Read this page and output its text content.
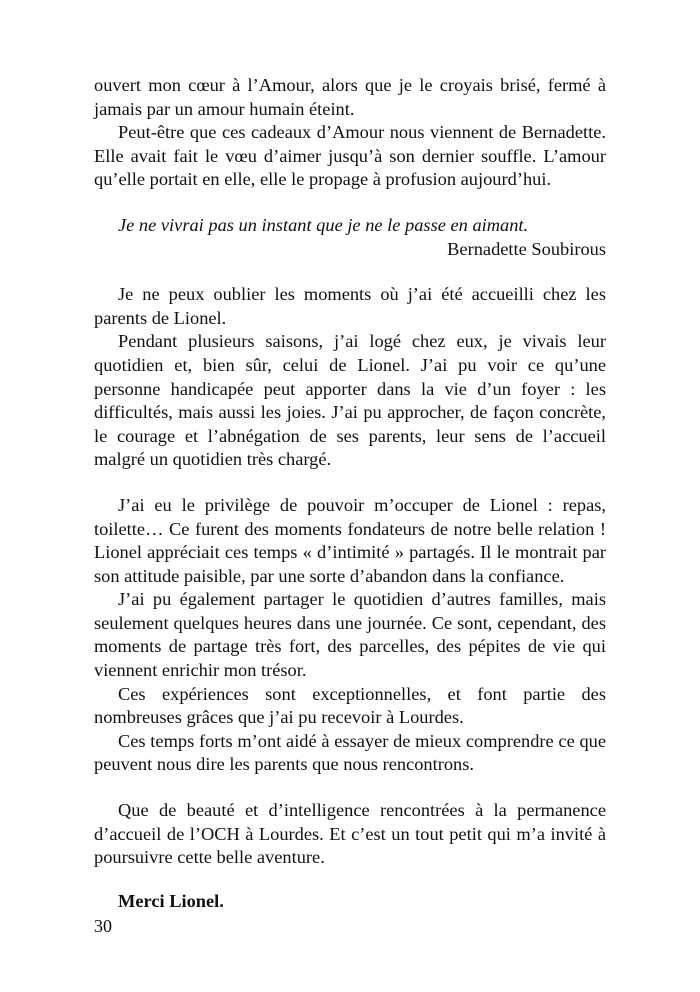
ouvert mon cœur à l’Amour, alors que je le croyais brisé, fermé à jamais par un amour humain éteint.

Peut-être que ces cadeaux d’Amour nous viennent de Bernadette. Elle avait fait le vœu d’aimer jusqu’à son dernier souffle. L’amour qu’elle portait en elle, elle le propage à profusion aujourd’hui.

Je ne vivrai pas un instant que je ne le passe en aimant.

Bernadette Soubirous

Je ne peux oublier les moments où j’ai été accueilli chez les parents de Lionel.

Pendant plusieurs saisons, j’ai logé chez eux, je vivais leur quotidien et, bien sûr, celui de Lionel. J’ai pu voir ce qu’une personne handicapée peut apporter dans la vie d’un foyer : les difficultés, mais aussi les joies. J’ai pu approcher, de façon concrète, le courage et l’abnégation de ses parents, leur sens de l’accueil malgré un quotidien très chargé.

J’ai eu le privilège de pouvoir m’occuper de Lionel : repas, toilette… Ce furent des moments fondateurs de notre belle relation ! Lionel appréciait ces temps « d’intimité » partagés. Il le montrait par son attitude paisible, par une sorte d’abandon dans la confiance.

J’ai pu également partager le quotidien d’autres familles, mais seulement quelques heures dans une journée. Ce sont, cependant, des moments de partage très fort, des parcelles, des pépites de vie qui viennent enrichir mon trésor.

Ces expériences sont exceptionnelles, et font partie des nombreuses grâces que j’ai pu recevoir à Lourdes.

Ces temps forts m’ont aidé à essayer de mieux comprendre ce que peuvent nous dire les parents que nous rencontrons.

Que de beauté et d’intelligence rencontrées à la permanence d’accueil de l’OCH à Lourdes. Et c’est un tout petit qui m’a invité à poursuivre cette belle aventure.

Merci Lionel.

30
